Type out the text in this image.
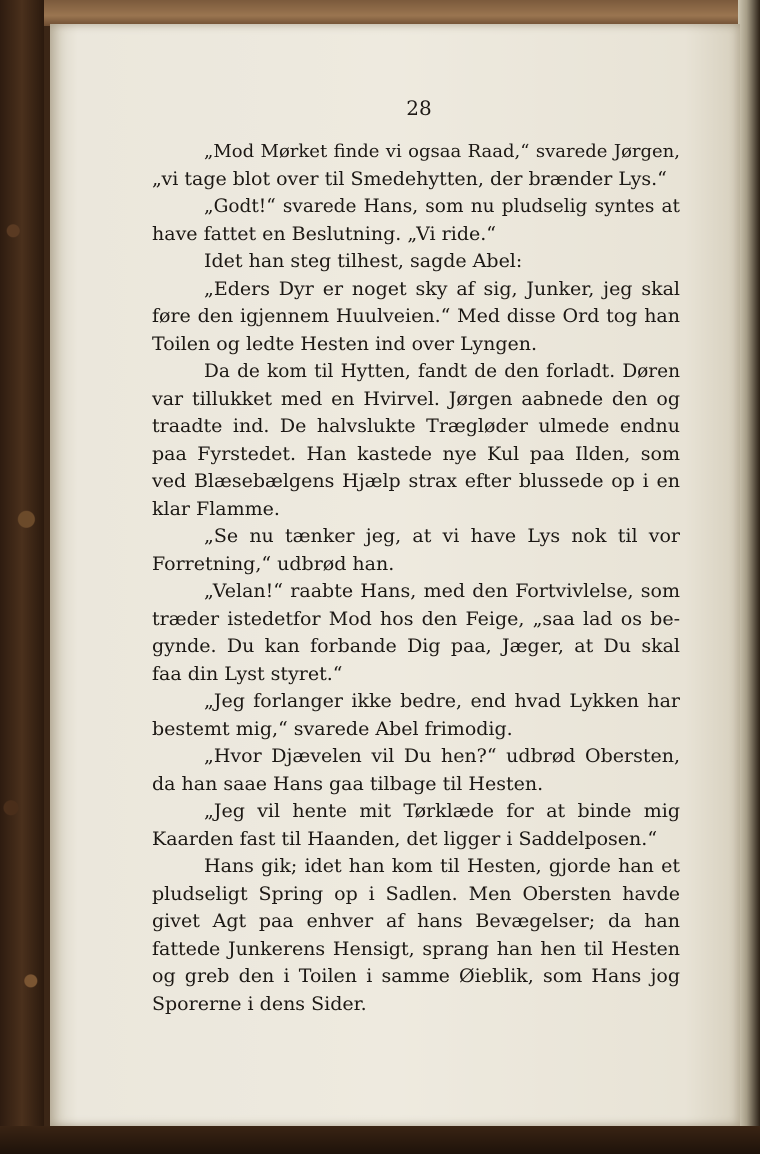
28
„Mod Mørket finde vi ogsaa Raad,“ svarede Jørgen,
„vi tage blot over til Smedehytten, der brænder Lys.“
„Godt!“ svarede Hans, som nu pludselig syntes at
have fattet en Beslutning. „Vi ride.“
Idet han steg tilhest, sagde Abel:
„Eders Dyr er noget sky af sig, Junker, jeg skal
føre den igjennem Huulveien.“ Med disse Ord tog han
Toilen og ledte Hesten ind over Lyngen.
Da de kom til Hytten, fandt de den forladt. Døren
var tillukket med en Hvirvel. Jørgen aabnede den og
traadte ind. De halvslukte Trægløder ulmede endnu
paa Fyrstedet. Han kastede nye Kul paa Ilden, som
ved Blæsebælgens Hjælp strax efter blussede op i en
klar Flamme.
„Se nu tænker jeg, at vi have Lys nok til vor
Forretning,“ udbrød han.
„Velan!“ raabte Hans, med den Fortvivlelse, som
træder istedetfor Mod hos den Feige, „saa lad os be-
gynde. Du kan forbande Dig paa, Jæger, at Du skal
faa din Lyst styret.“
„Jeg forlanger ikke bedre, end hvad Lykken har
bestemt mig,“ svarede Abel frimodig.
„Hvor Djævelen vil Du hen?“ udbrød Obersten,
da han saae Hans gaa tilbage til Hesten.
„Jeg vil hente mit Tørklæde for at binde mig
Kaarden fast til Haanden, det ligger i Saddelposen.“
Hans gik; idet han kom til Hesten, gjorde han et
pludseligt Spring op i Sadlen. Men Obersten havde
givet Agt paa enhver af hans Bevægelser; da han
fattede Junkerens Hensigt, sprang han hen til Hesten
og greb den i Toilen i samme Øieblik, som Hans jog
Sporerne i dens Sider.
